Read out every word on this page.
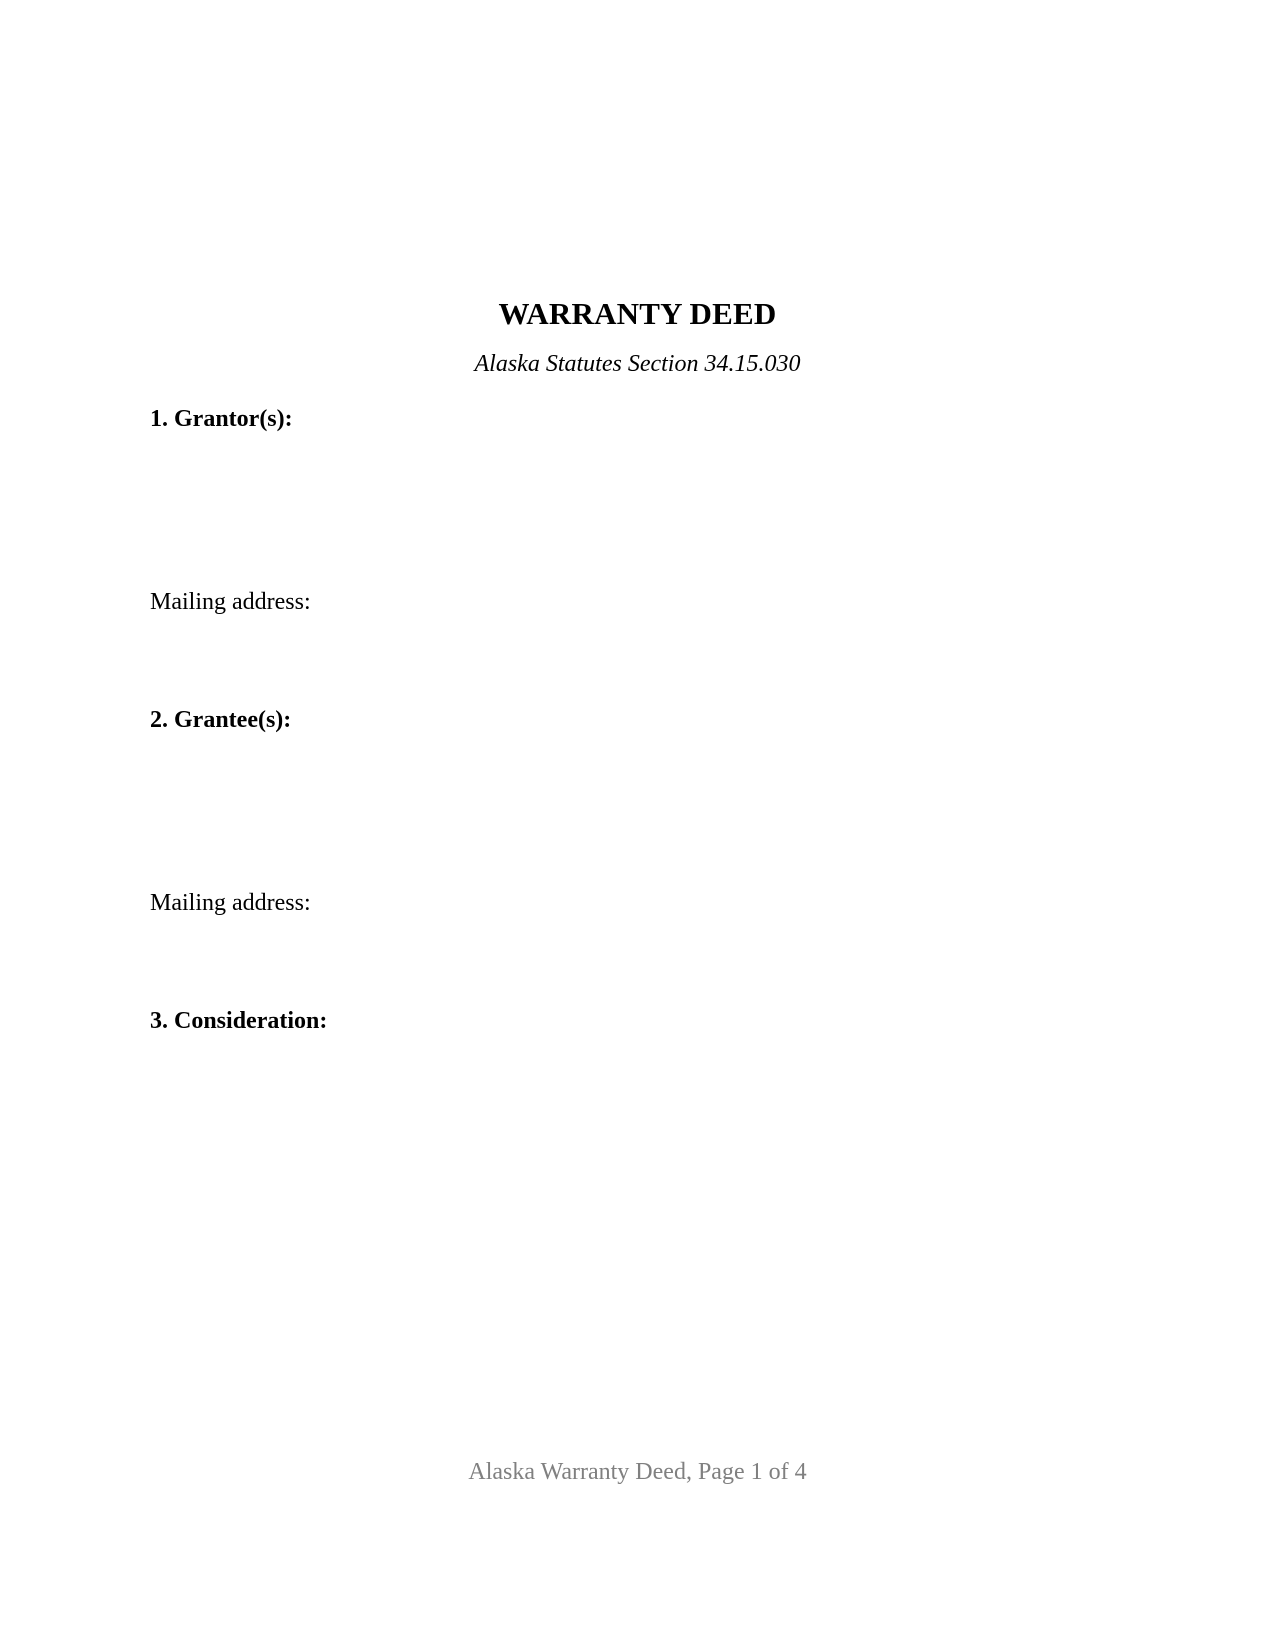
WARRANTY DEED
Alaska Statutes Section 34.15.030
1. Grantor(s):
Mailing address:
2. Grantee(s):
Mailing address:
3. Consideration:
Alaska Warranty Deed, Page 1 of 4
